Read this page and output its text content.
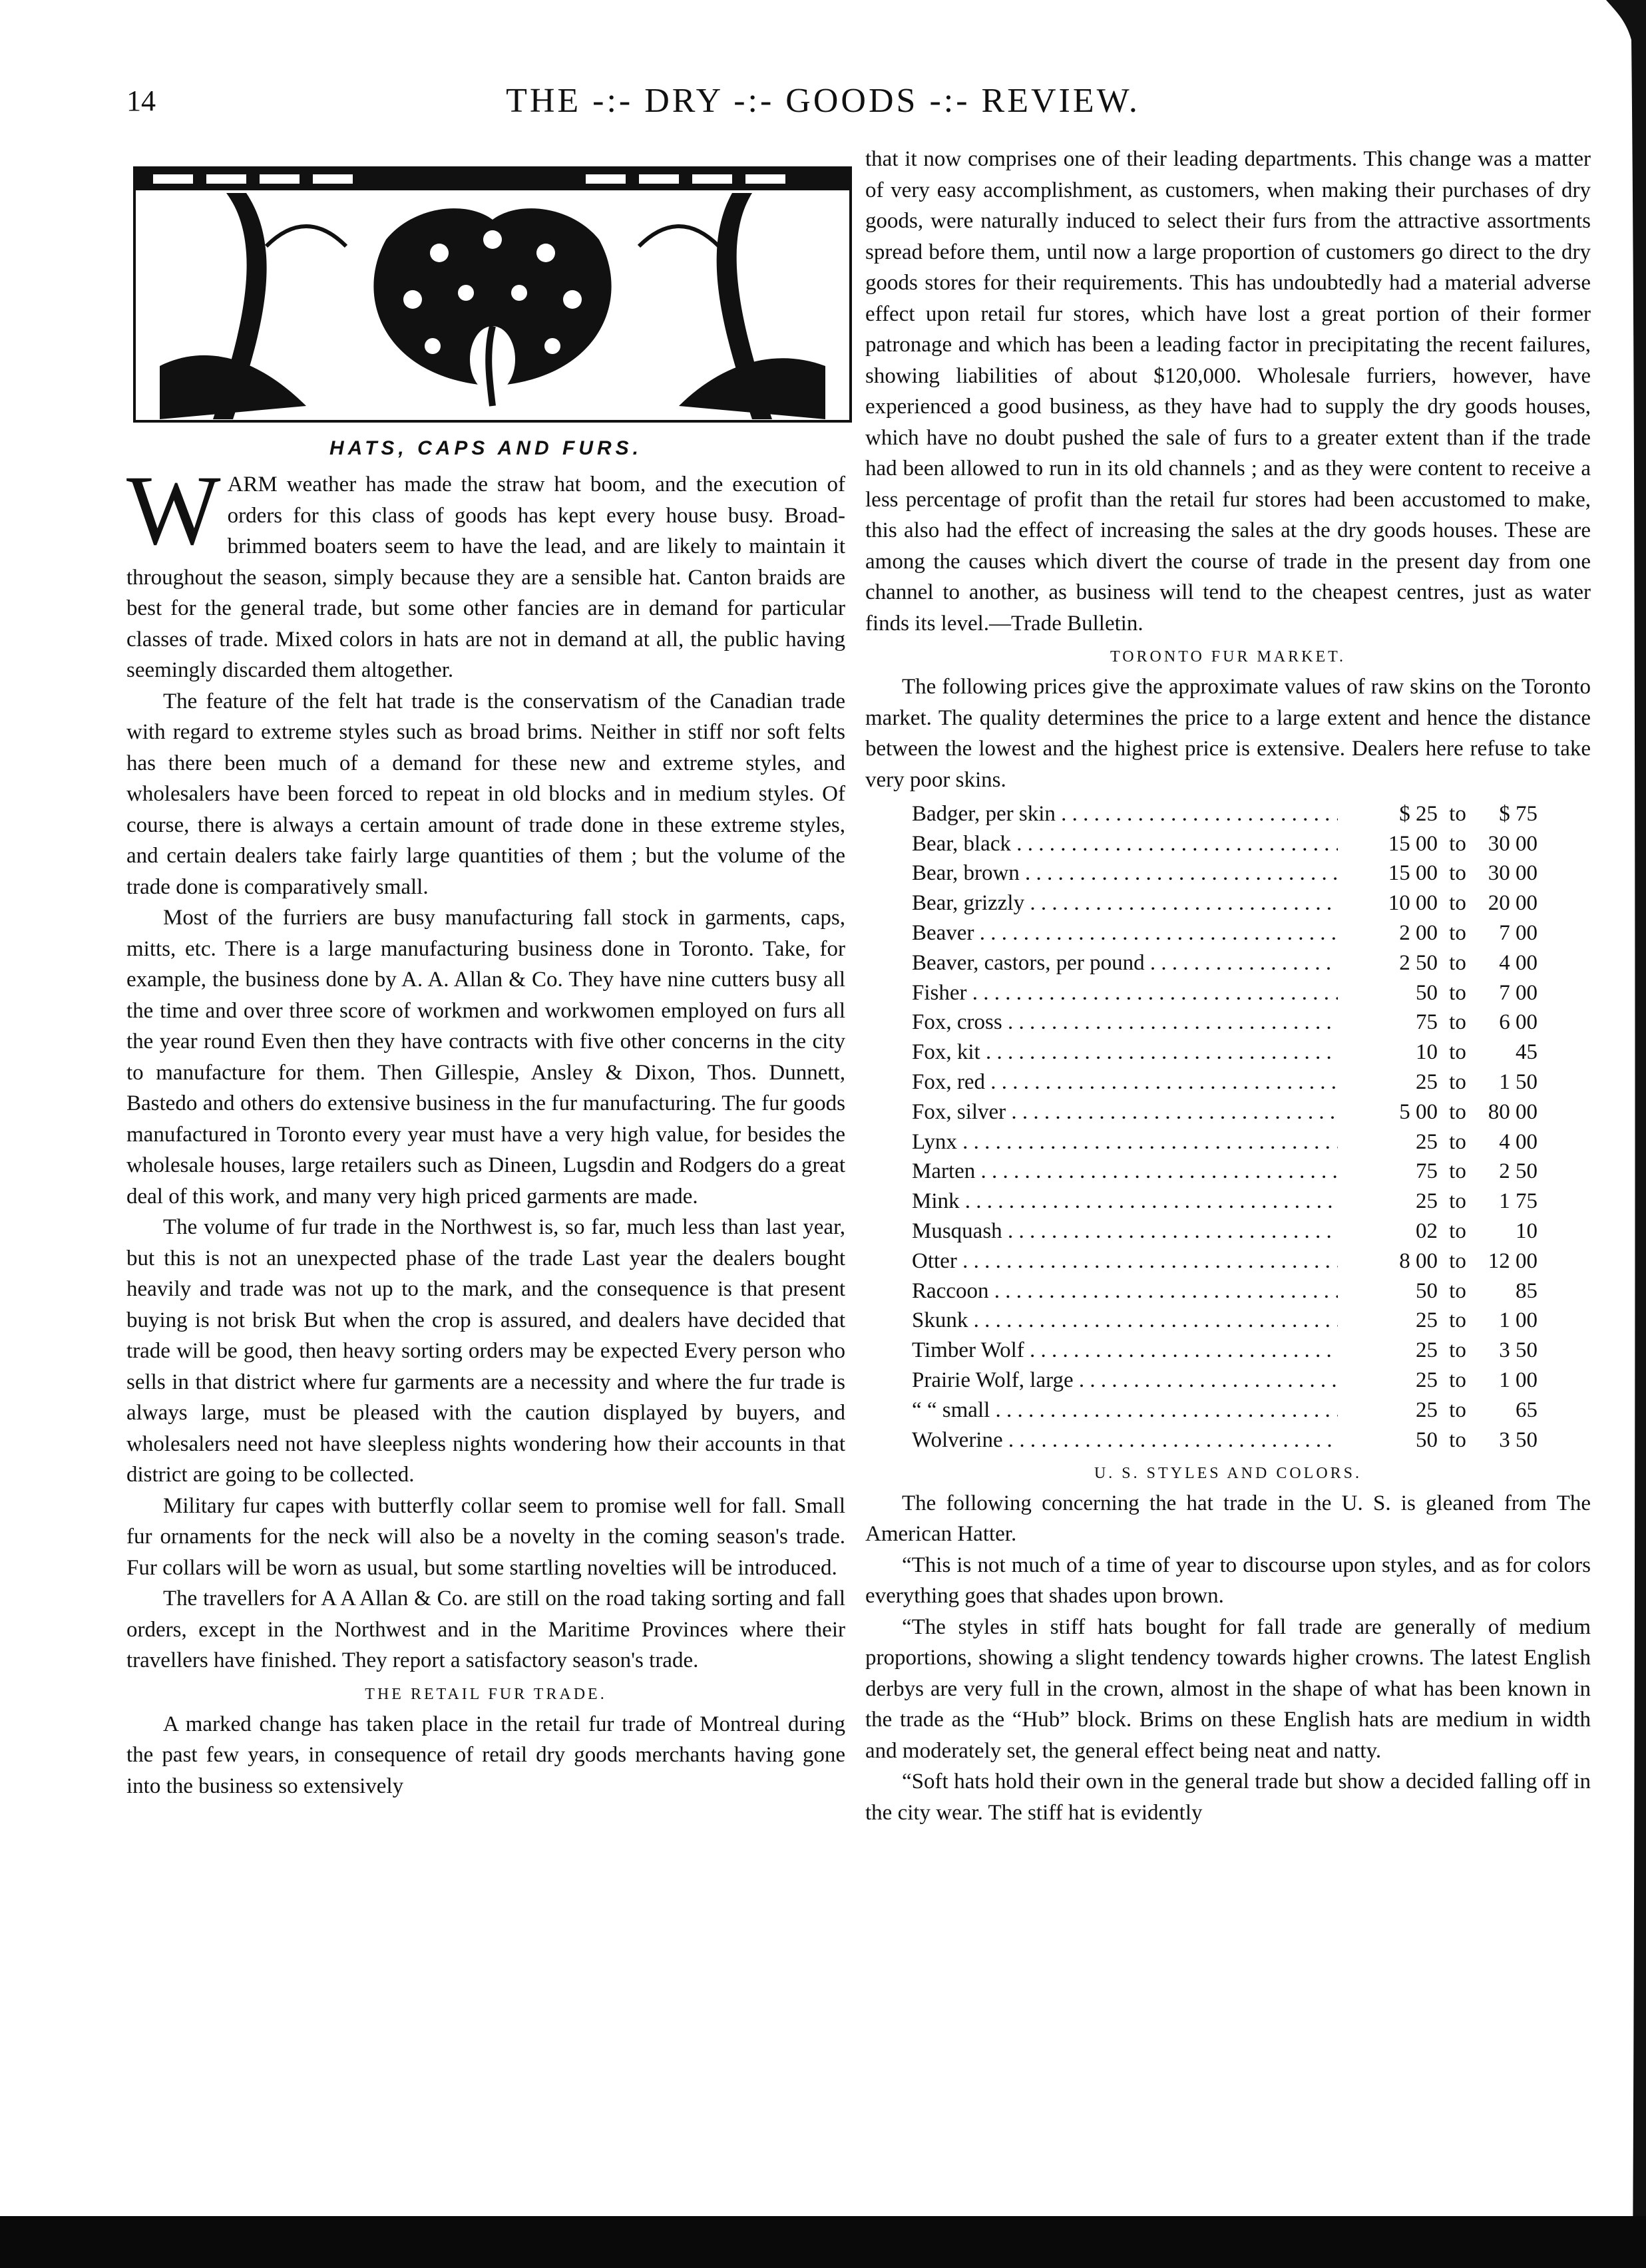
14	THE -:- DRY -:- GOODS -:- REVIEW.
HATS, CAPS AND FURS.

WARM weather has made the straw hat boom, and the execution of orders for this class of goods has kept every house busy. Broad-brimmed boaters seem to have the lead, and are likely to maintain it throughout the season, simply because they are a sensible hat. Canton braids are best for the general trade, but some other fancies are in demand for particular classes of trade. Mixed colors in hats are not in demand at all, the public having seemingly discarded them altogether.

The feature of the felt hat trade is the conservatism of the Canadian trade with regard to extreme styles such as broad brims. Neither in stiff nor soft felts has there been much of a demand for these new and extreme styles, and wholesalers have been forced to repeat in old blocks and in medium styles. Of course, there is always a certain amount of trade done in these extreme styles, and certain dealers take fairly large quantities of them ; but the volume of the trade done is comparatively small.

Most of the furriers are busy manufacturing fall stock in garments, caps, mitts, etc. There is a large manufacturing business done in Toronto. Take, for example, the business done by A. A. Allan & Co. They have nine cutters busy all the time and over three score of workmen and workwomen employed on furs all the year round Even then they have contracts with five other concerns in the city to manufacture for them. Then Gillespie, Ansley & Dixon, Thos. Dunnett, Bastedo and others do extensive business in the fur manufacturing. The fur goods manufactured in Toronto every year must have a very high value, for besides the wholesale houses, large retailers such as Dineen, Lugsdin and Rodgers do a great deal of this work, and many very high priced garments are made.

The volume of fur trade in the Northwest is, so far, much less than last year, but this is not an unexpected phase of the trade Last year the dealers bought heavily and trade was not up to the mark, and the consequence is that present buying is not brisk But when the crop is assured, and dealers have decided that trade will be good, then heavy sorting orders may be expected Every person who sells in that district where fur garments are a necessity and where the fur trade is always large, must be pleased with the caution displayed by buyers, and wholesalers need not have sleepless nights wondering how their accounts in that district are going to be collected.

Military fur capes with butterfly collar seem to promise well for fall. Small fur ornaments for the neck will also be a novelty in the coming season's trade. Fur collars will be worn as usual, but some startling novelties will be introduced.

The travellers for A A Allan & Co. are still on the road taking sorting and fall orders, except in the Northwest and in the Maritime Provinces where their travellers have finished. They report a satisfactory season's trade.

THE RETAIL FUR TRADE.

A marked change has taken place in the retail fur trade of Montreal during the past few years, in consequence of retail dry goods merchants having gone into the business so extensively

that it now comprises one of their leading departments. This change was a matter of very easy accomplishment, as customers, when making their purchases of dry goods, were naturally induced to select their furs from the attractive assortments spread before them, until now a large proportion of customers go direct to the dry goods stores for their requirements. This has undoubtedly had a material adverse effect upon retail fur stores, which have lost a great portion of their former patronage and which has been a leading factor in precipitating the recent failures, showing liabilities of about $120,000. Wholesale furriers, however, have experienced a good business, as they have had to supply the dry goods houses, which have no doubt pushed the sale of furs to a greater extent than if the trade had been allowed to run in its old channels ; and as they were content to receive a less percentage of profit than the retail fur stores had been accustomed to make, this also had the effect of increasing the sales at the dry goods houses. These are among the causes which divert the course of trade in the present day from one channel to another, as business will tend to the cheapest centres, just as water finds its level.—Trade Bulletin.

TORONTO FUR MARKET.

The following prices give the approximate values of raw skins on the Toronto market. The quality determines the price to a large extent and hence the distance between the lowest and the highest price is extensive. Dealers here refuse to take very poor skins.

Badger, per skin . . .	$ 25 to	$ 75
Bear, black . . .	15 00 to 30 00
Bear, brown . . .	15 00 to 30 00
Bear, grizzly . . .	10 00 to 20 00
Beaver . . .	2 00 to	7 00
Beaver, castors, per pound . . .	2 50 to	4 00
Fisher . . .	50 to	7 00
Fox, cross . . .	75 to	6 00
Fox, kit . . .	10 to	45
Fox, red . . .	25 to	1 50
Fox, silver . . .	5 00 to 80 00
Lynx . . .	25 to	4 00
Marten . . .	75 to	2 50
Mink . . .	25 to	1 75
Musquash . . .	02 to	10
Otter . . .	8 00 to 12 00
Raccoon . . .	50 to	85
Skunk . . .	25 to	1 00
Timber Wolf . . .	25 to	3 50
Prairie Wolf, large . . .	25 to	1 00
“ “ small . . .	25 to	65
Wolverine . . .	50 to	3 50
U. S. STYLES AND COLORS.

The following concerning the hat trade in the U. S. is gleaned from The American Hatter.

“This is not much of a time of year to discourse upon styles, and as for colors everything goes that shades upon brown.

“The styles in stiff hats bought for fall trade are generally of medium proportions, showing a slight tendency towards higher crowns. The latest English derbys are very full in the crown, almost in the shape of what has been known in the trade as the “Hub” block. Brims on these English hats are medium in width and moderately set, the general effect being neat and natty.

“Soft hats hold their own in the general trade but show a decided falling off in the city wear. The stiff hat is evidently
